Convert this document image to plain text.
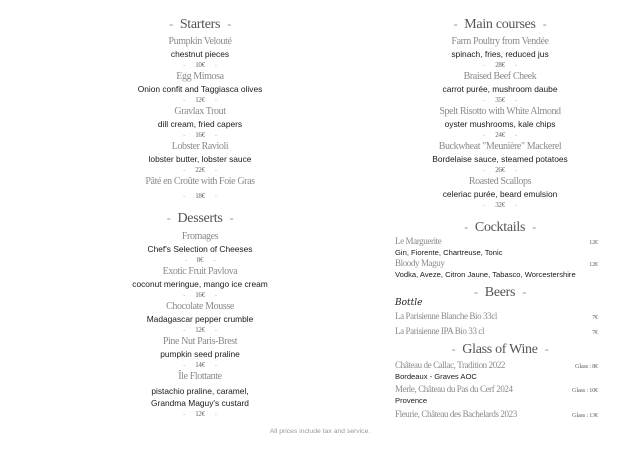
- Starters -
Pumpkin Velouté
chestnut pieces
- 10€ -
Egg Mimosa
Onion confit and Taggiasca olives
- 12€ -
Gravlax Trout
dill cream, fried capers
- 16€ -
Lobster Ravioli
lobster butter, lobster sauce
- 22€ -
Pâté en Croûte with Foie Gras
- 18€ -
- Desserts -
Fromages
Chef's Selection of Cheeses
- 8€ -
Exotic Fruit Pavlova
coconut meringue, mango ice cream
- 16€ -
Chocolate Mousse
Madagascar pepper crumble
- 12€ -
Pine Nut Paris-Brest
pumpkin seed praline
- 14€ -
Île Flottante
pistachio praline, caramel,
Grandma Maguy's custard
- 12€ -
- Main courses -
Farm Poultry from Vendée
spinach, fries, reduced jus
- 28€ -
Braised Beef Cheek
carrot purée, mushroom daube
- 35€ -
Spelt Risotto with White Almond
oyster mushrooms, kale chips
- 24€ -
Buckwheat "Meunière" Mackerel
Bordelaise sauce, steamed potatoes
- 26€ -
Roasted Scallops
celeriac purée, beard emulsion
- 32€ -
- Cocktails -
Le Marguerite	12€
Gin, Fiorente, Chartreuse, Tonic
Bloody Maguy	12€
Vodka, Aveze, Citron Jaune, Tabasco, Worcestershire
- Beers -
Bottle
La Parisienne Blanche Bio 33cl	7€
La Parisienne IPA Bio 33 cl	7€
- Glass of Wine -
Château de Callac, Tradition 2022	Glass : 8€
Bordeaux - Graves AOC
Merle, Château du Pas du Cerf 2024	Glass : 10€
Provence
Fleurie, Château des Bachelards 2023	Glass : 13€
All prices include tax and service.
